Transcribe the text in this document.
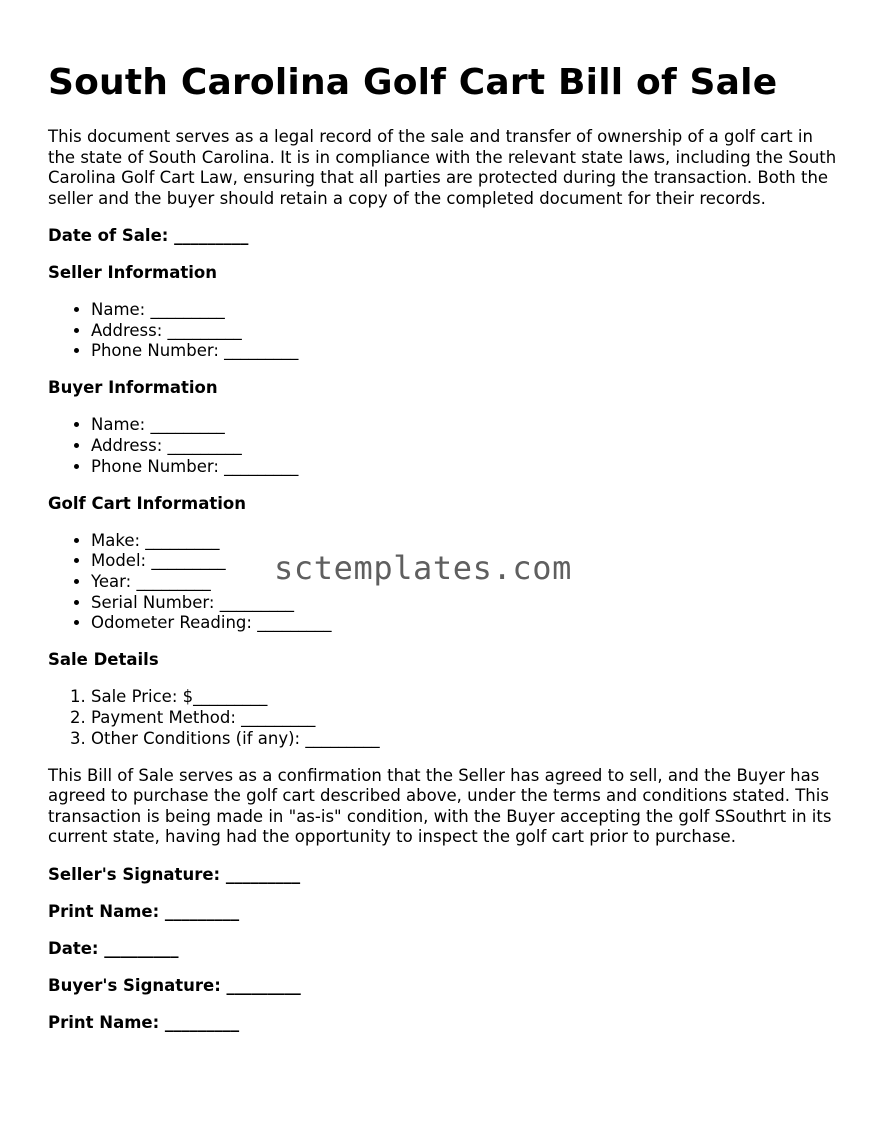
South Carolina Golf Cart Bill of Sale

This document serves as a legal record of the sale and transfer of ownership of a golf cart in the state of South Carolina. It is in compliance with the relevant state laws, including the South Carolina Golf Cart Law, ensuring that all parties are protected during the transaction. Both the seller and the buyer should retain a copy of the completed document for their records.

Date of Sale: _________

Seller Information

• Name: _________
• Address: _________
• Phone Number: _________

Buyer Information

• Name: _________
• Address: _________
• Phone Number: _________

Golf Cart Information

• Make: _________
• Model: _________
• Year: _________
• Serial Number: _________
• Odometer Reading: _________

Sale Details

1. Sale Price: $_________
2. Payment Method: _________
3. Other Conditions (if any): _________

This Bill of Sale serves as a confirmation that the Seller has agreed to sell, and the Buyer has agreed to purchase the golf cart described above, under the terms and conditions stated. This transaction is being made in "as-is" condition, with the Buyer accepting the golf SSouthrt in its current state, having had the opportunity to inspect the golf cart prior to purchase.

Seller's Signature: _________

Print Name: _________

Date: _________

Buyer's Signature: _________

Print Name: _________

sctemplates.com
